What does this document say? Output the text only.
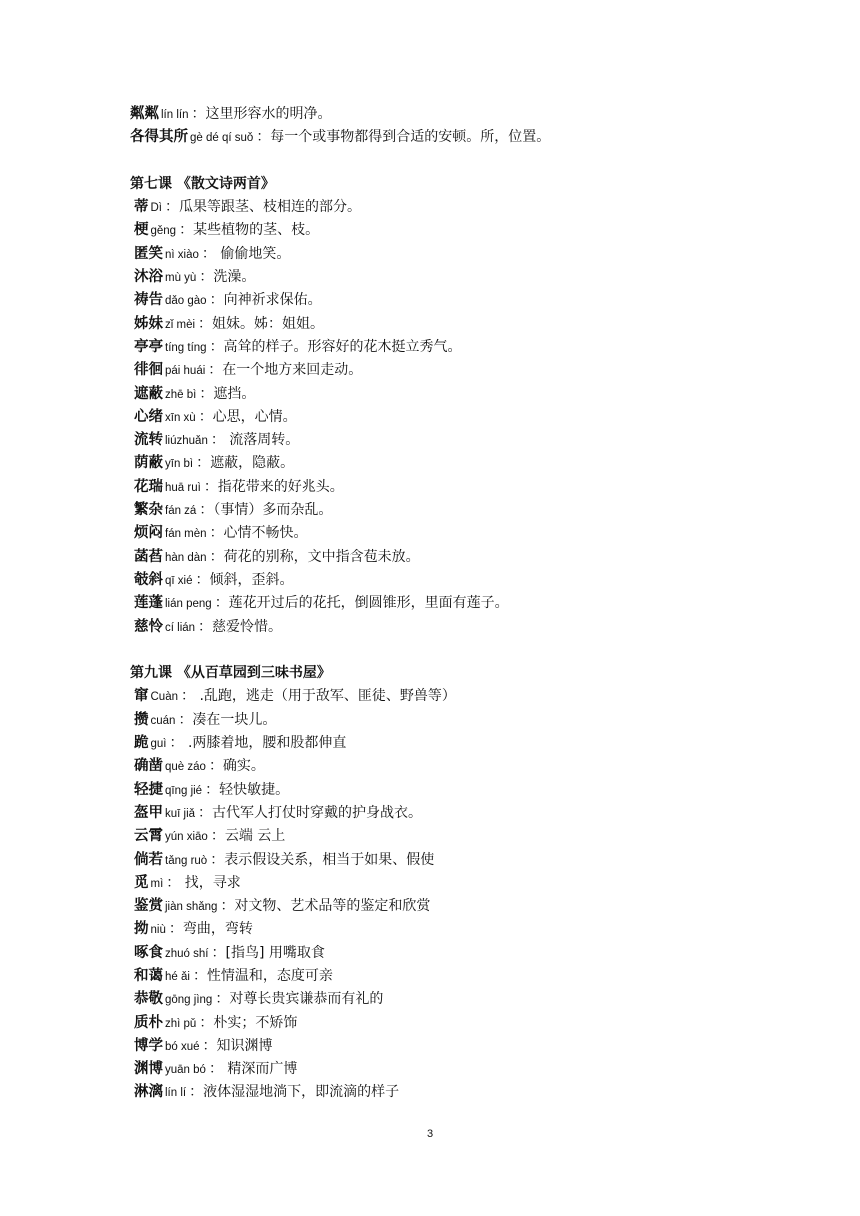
粼粼 lín lín ：这里形容水的明净。
各得其所 gè dé qí suǒ ：每一个或事物都得到合适的安顿。所，位置。
第七课 《散文诗两首》
蒂 Dì ：瓜果等跟茎、枝相连的部分。
梗 gěng ：某些植物的茎、枝。
匿笑 nì xiào ： 偷偷地笑。
沐浴 mù yù ：洗澡。
祷告 dǎo gào ：向神祈求保佑。
姊妹 zǐ mèi ：姐妹。姊：姐姐。
亭亭 tíng tíng ：高耸的样子。形容好的花木挺立秀气。
徘徊 pái huái ：在一个地方来回走动。
遮蔽 zhē bì ：遮挡。
心绪 xīn xù ：心思，心情。
流转 liúzhuǎn ： 流落周转。
荫蔽 yīn bì ：遮蔽，隐蔽。
花瑞 huā ruì ：指花带来的好兆头。
繁杂 fán zá ：（事情）多而杂乱。
烦闷 fán mèn ：心情不畅快。
菡萏 hàn dàn ：荷花的别称，文中指含苞未放。
攲斜 qī xié ：倾斜，歪斜。
莲蓬 lián peng ：莲花开过后的花托，倒圆锥形，里面有莲子。
慈怜 cí lián ：慈爱怜惜。
第九课 《从百草园到三味书屋》
窜 Cuàn ： .乱跑，逃走（用于敌军、匪徒、野兽等）
攒 cuán ：凑在一块儿。
跪 guì ： .两膝着地，腰和股都伸直
确凿 què záo ：确实。
轻捷 qīng jié ：轻快敏捷。
盔甲 kuī jiǎ ：古代军人打仗时穿戴的护身战衣。
云霄 yún xiāo ：云端 云上
倘若 tǎng ruò ：表示假设关系，相当于如果、假使
觅 mì ： 找，寻求
鉴赏 jiàn shǎng ：对文物、艺术品等的鉴定和欣赏
拗 niù ：弯曲，弯转
啄食 zhuó shí ：[指鸟] 用嘴取食
和蔼 hé ǎi ：性情温和，态度可亲
恭敬 gōng jìng ：对尊长贵宾谦恭而有礼的
质朴 zhì pǔ ：朴实；不矫饰
博学 bó xué ：知识渊博
渊博 yuān bó ： 精深而广博
淋漓 lín lí ：液体湿湿地淌下，即流滴的样子
3
